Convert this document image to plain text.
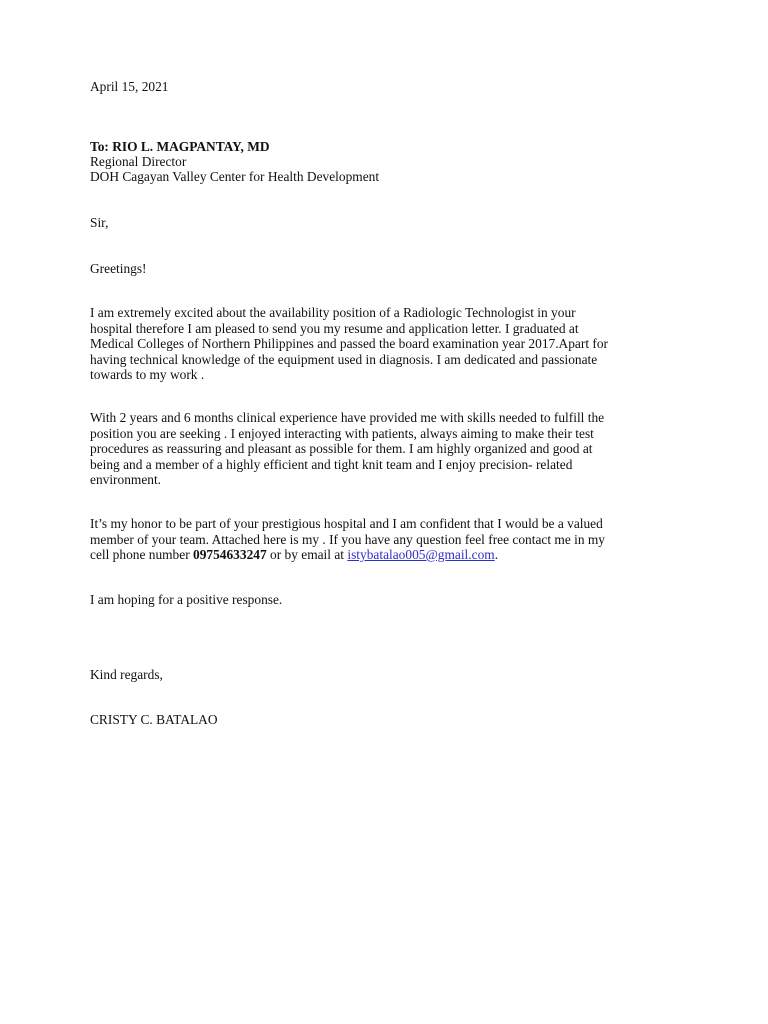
April 15, 2021
To: RIO L. MAGPANTAY, MD
Regional Director
DOH Cagayan Valley Center for Health Development
Sir,
Greetings!
I am extremely excited about the availability position of a Radiologic Technologist in your
hospital therefore I am pleased to send you my resume and application letter. I graduated at
Medical Colleges of Northern Philippines and passed the board examination year 2017.Apart for
having technical knowledge of the equipment used in diagnosis. I am dedicated and passionate
towards to my work .
With 2 years and 6 months clinical experience have provided me with skills needed to fulfill the
position you are seeking . I enjoyed interacting with patients, always aiming to make their test
procedures as reassuring and pleasant as possible for them. I am highly organized and good at
being and a member of a highly efficient and tight knit team and I enjoy precision- related
environment.
It’s my honor to be part of your prestigious hospital and I am confident that I would be a valued
member of your team. Attached here is my . If you have any question feel free contact me in my
cell phone number 09754633247 or by email at istybatalao005@gmail.com.
I am hoping for a positive response.
Kind regards,
CRISTY C. BATALAO
